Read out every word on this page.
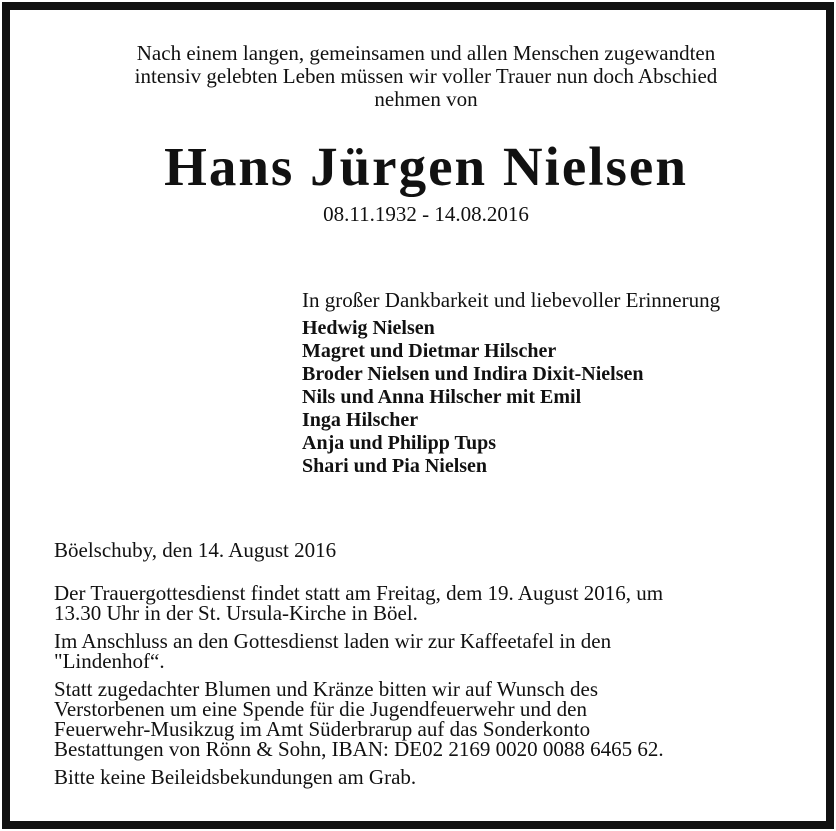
Nach einem langen, gemeinsamen und allen Menschen zugewandten
intensiv gelebten Leben müssen wir voller Trauer nun doch Abschied
nehmen von
Hans Jürgen Nielsen
08.11.1932 - 14.08.2016
In großer Dankbarkeit und liebevoller Erinnerung
Hedwig Nielsen
Magret und Dietmar Hilscher
Broder Nielsen und Indira Dixit-Nielsen
Nils und Anna Hilscher mit Emil
Inga Hilscher
Anja und Philipp Tups
Shari und Pia Nielsen
Böelschuby, den 14. August 2016
Der Trauergottesdienst findet statt am Freitag, dem 19. August 2016, um
13.30 Uhr in der St. Ursula-Kirche in Böel.
Im Anschluss an den Gottesdienst laden wir zur Kaffeetafel in den
"Lindenhof“.
Statt zugedachter Blumen und Kränze bitten wir auf Wunsch des
Verstorbenen um eine Spende für die Jugendfeuerwehr und den
Feuerwehr-Musikzug im Amt Süderbrarup auf das Sonderkonto
Bestattungen von Rönn & Sohn, IBAN: DE02 2169 0020 0088 6465 62.
Bitte keine Beileidsbekundungen am Grab.
